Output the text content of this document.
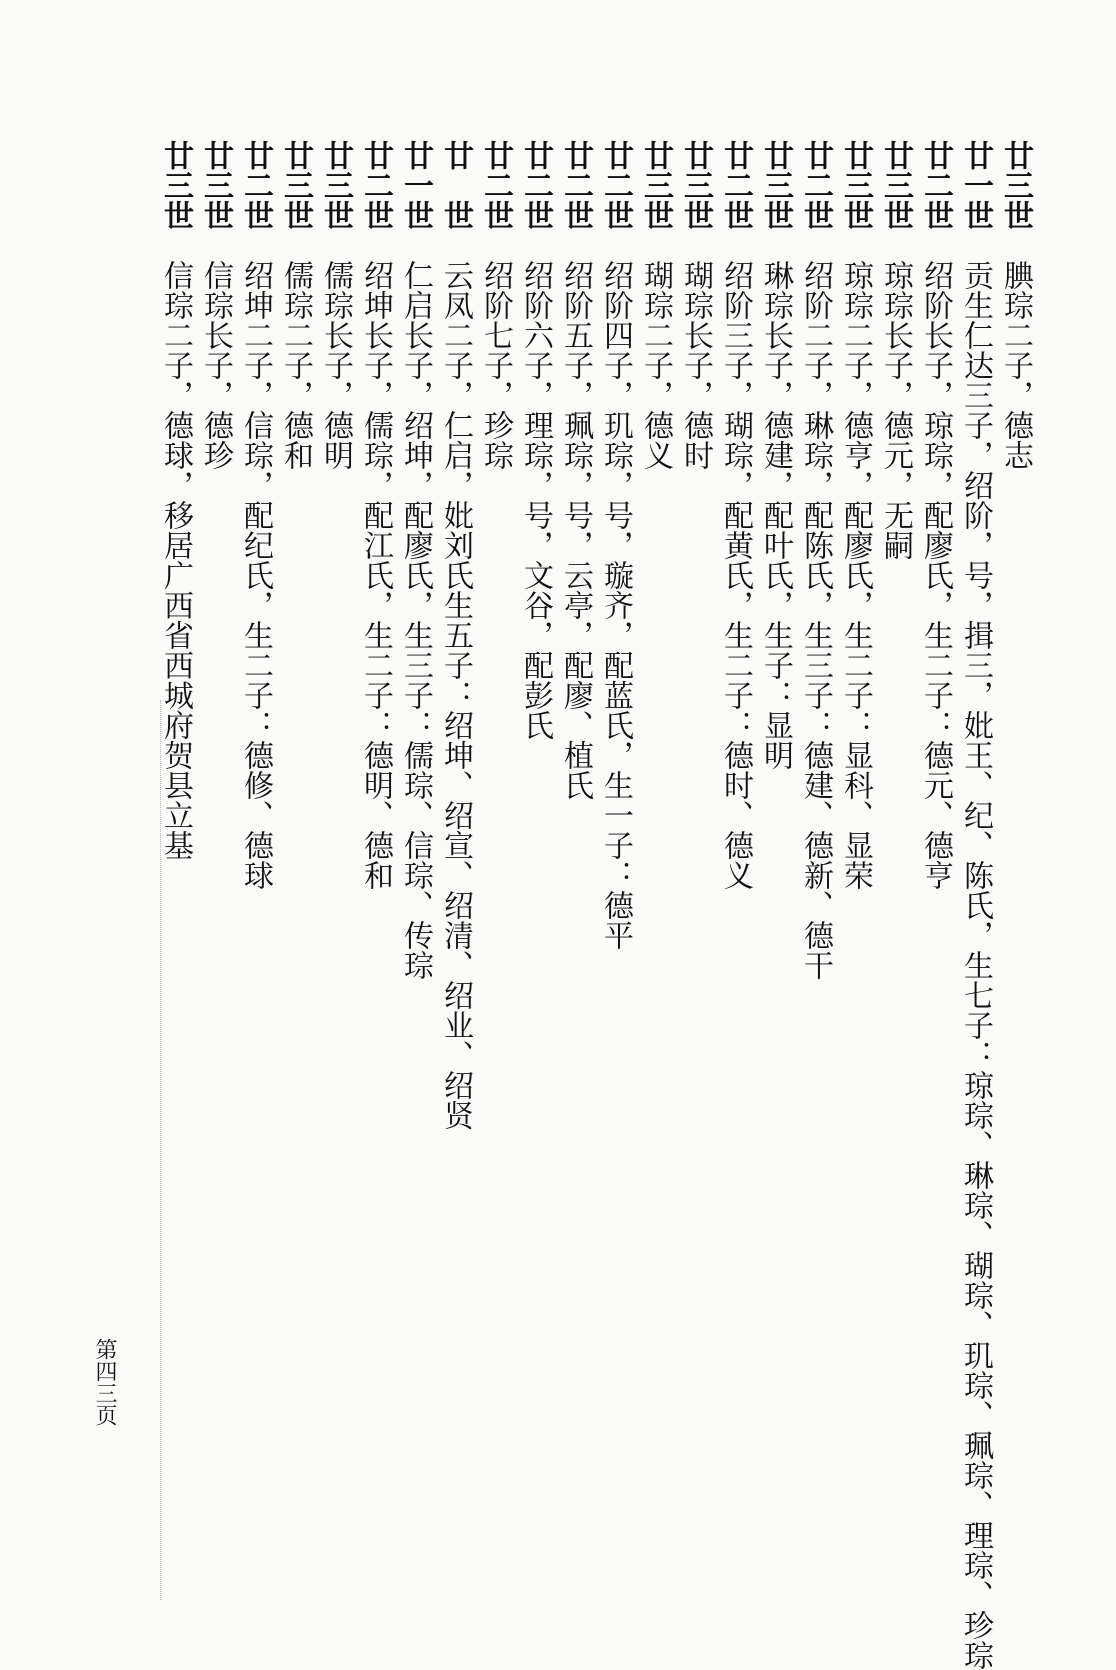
廿三世腆琮二子，德志
廿一世贡生仁达三子，绍阶，号，揖三，妣王、纪、陈氏，生七子：琼琮、琳琮、瑚琮、玑琮、珮琮、理琮、珍琮
廿二世绍阶长子，琼琮，配廖氏，生二子：德元、德亨
廿三世琼琮长子，德元，无嗣
廿三世琼琮二子，德亨，配廖氏，生二子：显科、显荣
廿二世绍阶二子，琳琮，配陈氏，生三子：德建、德新、德干
廿三世琳琮长子，德建，配叶氏，生子：显明
廿二世绍阶三子，瑚琮，配黄氏，生二子：德时、德义
廿三世瑚琮长子，德时
廿三世瑚琮二子，德义
廿二世绍阶四子，玑琮，号，璇齐，配蓝氏，生一子：德平
廿二世绍阶五子，珮琮，号，云亭，配廖、植氏
廿二世绍阶六子，理琮，号，文谷，配彭氏
廿二世绍阶七子，珍琮
廿　世云凤二子，仁启，妣刘氏生五子：绍坤、绍宣、绍清、绍业、绍贤
廿一世仁启长子，绍坤，配廖氏，生三子：儒琮、信琮、传琮
廿二世绍坤长子，儒琮，配江氏，生二子：德明、德和
廿三世儒琮长子，德明
廿三世儒琮二子，德和
廿二世绍坤二子，信琮，配纪氏，生二子：德修、德球
廿三世信琮长子，德珍
廿三世信琮二子，德球，移居广西省西城府贺县立基
第四三页
